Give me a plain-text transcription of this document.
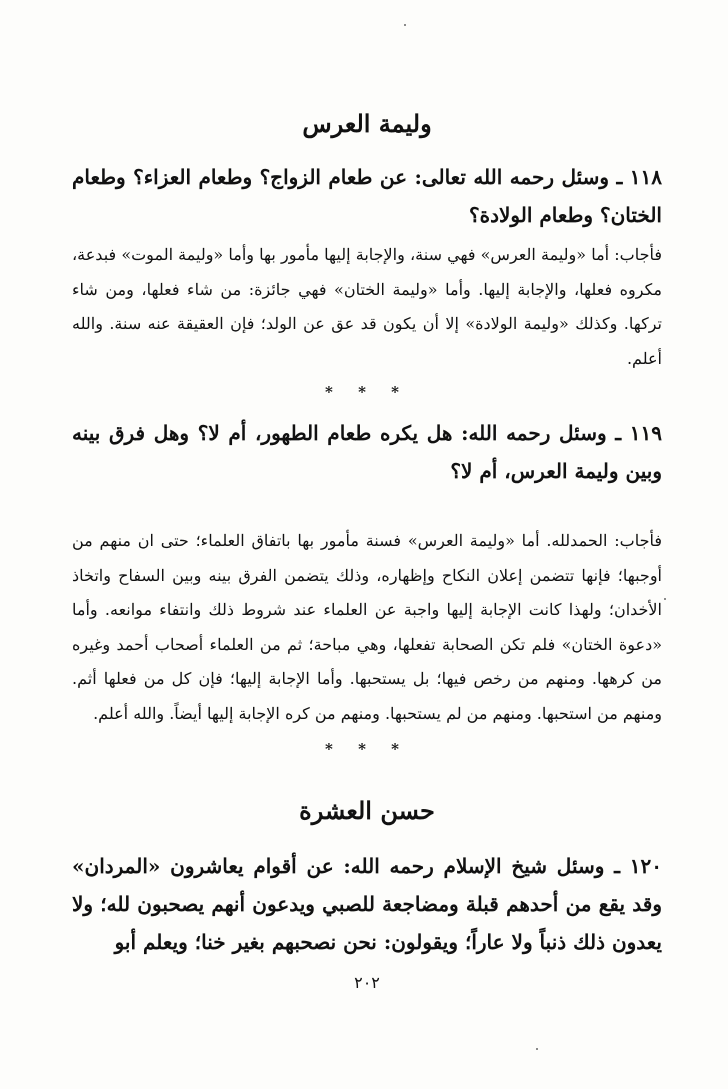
وليمة العرس

١١٨ ـ وسئل رحمه الله تعالى: عن طعام الزواج؟ وطعام العزاء؟ وطعام الختان؟ وطعام الولادة؟

فأجاب: أما «وليمة العرس» فهي سنة، والإجابة إليها مأمور بها وأما «وليمة الموت» فبدعة، مكروه فعلها، والإجابة إليها. وأما «وليمة الختان» فهي جائزة: من شاء فعلها، ومن شاء تركها. وكذلك «وليمة الولادة» إلا أن يكون قد عق عن الولد؛ فإن العقيقة عنه سنة. والله أعلم.

* * *

١١٩ ـ وسئل رحمه الله: هل يكره طعام الطهور، أم لا؟ وهل فرق بينه وبين وليمة العرس، أم لا؟

فأجاب: الحمدلله. أما «وليمة العرس» فسنة مأمور بها باتفاق العلماء؛ حتى ان منهم من أوجبها؛ فإنها تتضمن إعلان النكاح وإظهاره، وذلك يتضمن الفرق بينه وبين السفاح واتخاذ الأخدان؛ ولهذا كانت الإجابة إليها واجبة عن العلماء عند شروط ذلك وانتفاء موانعه. وأما «دعوة الختان» فلم تكن الصحابة تفعلها، وهي مباحة؛ ثم من العلماء أصحاب أحمد وغيره من كرهها. ومنهم من رخص فيها؛ بل يستحبها. وأما الإجابة إليها؛ فإن كل من فعلها أثم. ومنهم من استحبها. ومنهم من لم يستحبها. ومنهم من كره الإجابة إليها أيضاً. والله أعلم.

* * *

حسن العشرة

١٢٠ ـ وسئل شيخ الإسلام رحمه الله: عن أقوام يعاشرون «المردان» وقد يقع من أحدهم قبلة ومضاجعة للصبي ويدعون أنهم يصحبون لله؛ ولا يعدون ذلك ذنباً ولا عاراً؛ ويقولون: نحن نصحبهم بغير خنا؛ ويعلم أبو

٢٠٢
